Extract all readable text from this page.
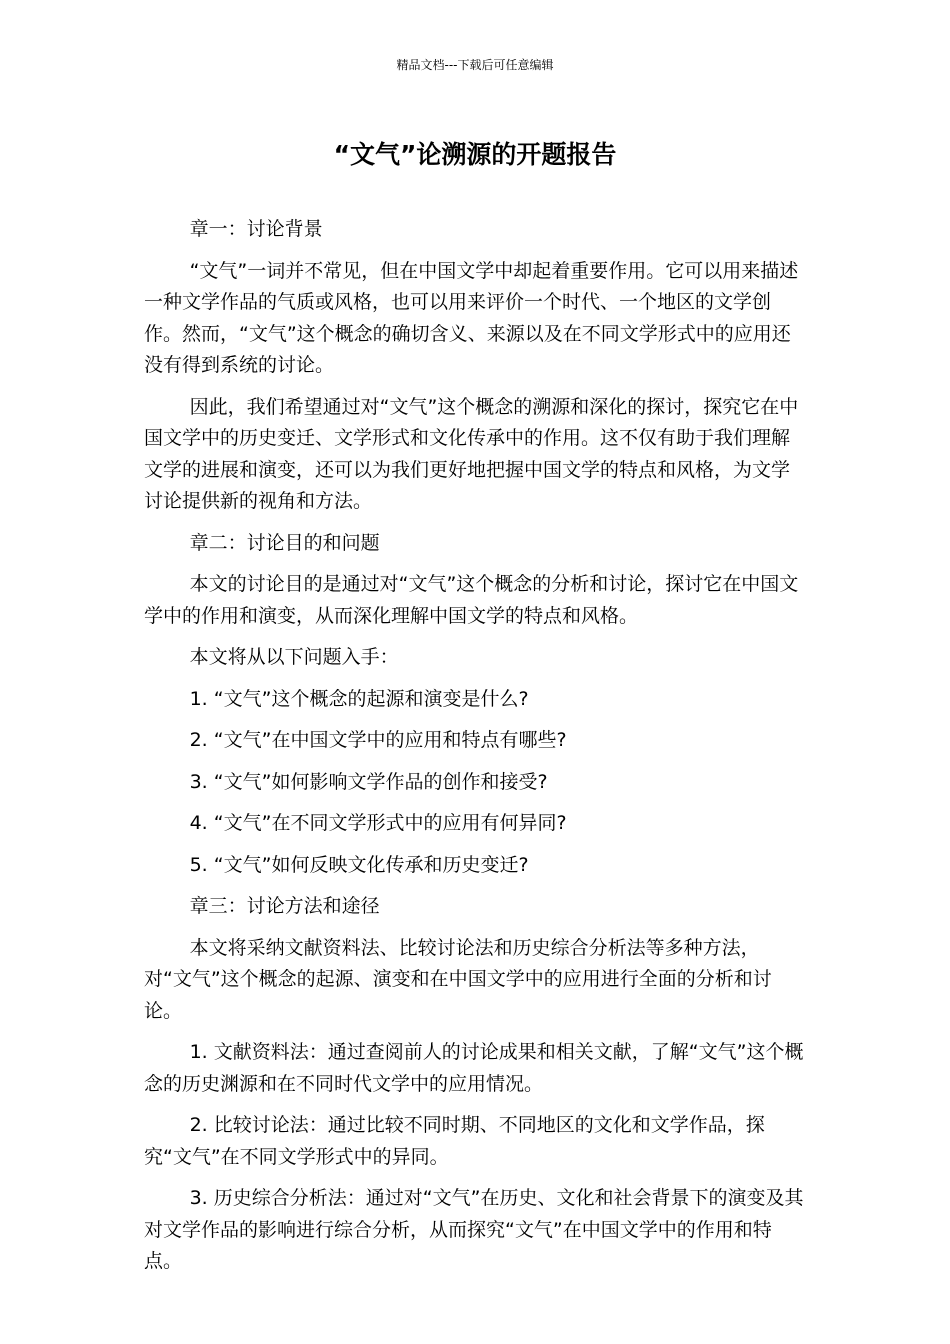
精品文档---下载后可任意编辑
“文气”论溯源的开题报告

章一：讨论背景

“文气”一词并不常见，但在中国文学中却起着重要作用。它可以用来描述一种文学作品的气质或风格，也可以用来评价一个时代、一个地区的文学创作。然而，“文气”这个概念的确切含义、来源以及在不同文学形式中的应用还没有得到系统的讨论。

因此，我们希望通过对“文气”这个概念的溯源和深化的探讨，探究它在中国文学中的历史变迁、文学形式和文化传承中的作用。这不仅有助于我们理解文学的进展和演变，还可以为我们更好地把握中国文学的特点和风格，为文学讨论提供新的视角和方法。

章二：讨论目的和问题

本文的讨论目的是通过对“文气”这个概念的分析和讨论，探讨它在中国文学中的作用和演变，从而深化理解中国文学的特点和风格。

本文将从以下问题入手：

1. “文气”这个概念的起源和演变是什么?

2. “文气”在中国文学中的应用和特点有哪些?

3. “文气”如何影响文学作品的创作和接受?

4. “文气”在不同文学形式中的应用有何异同?

5. “文气”如何反映文化传承和历史变迁?

章三：讨论方法和途径

本文将采纳文献资料法、比较讨论法和历史综合分析法等多种方法，对“文气”这个概念的起源、演变和在中国文学中的应用进行全面的分析和讨论。

1. 文献资料法：通过查阅前人的讨论成果和相关文献，了解“文气”这个概念的历史渊源和在不同时代文学中的应用情况。

2. 比较讨论法：通过比较不同时期、不同地区的文化和文学作品，探究“文气”在不同文学形式中的异同。

3. 历史综合分析法：通过对“文气”在历史、文化和社会背景下的演变及其对文学作品的影响进行综合分析，从而探究“文气”在中国文学中的作用和特点。
